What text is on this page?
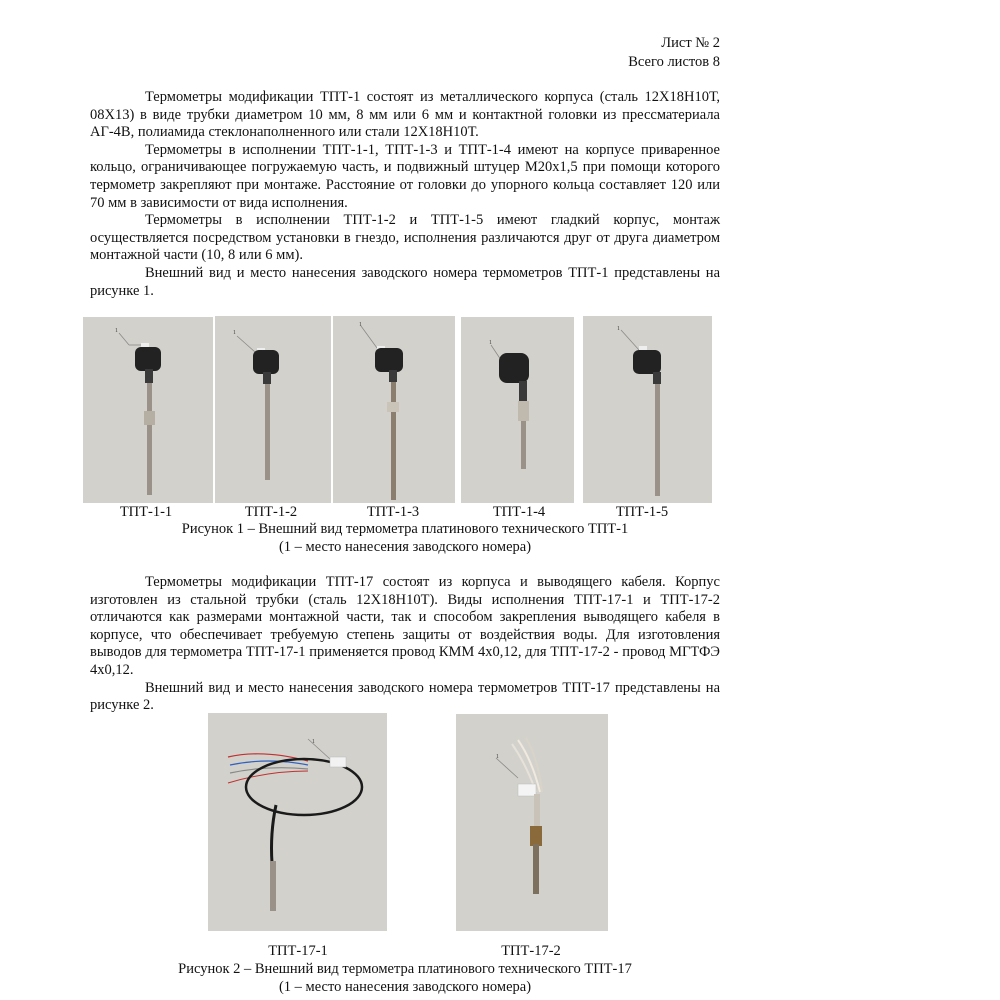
Лист № 2
Всего листов 8

Термометры модификации ТПТ-1 состоят из металлического корпуса (сталь 12Х18Н10Т, 08Х13) в виде трубки диаметром 10 мм, 8 мм или 6 мм и контактной головки из прессматериала АГ-4В, полиамида стеклонаполненного или стали 12Х18Н10Т.

Термометры в исполнении ТПТ-1-1, ТПТ-1-3 и ТПТ-1-4 имеют на корпусе приваренное кольцо, ограничивающее погружаемую часть, и подвижный штуцер М20х1,5 при помощи которого термометр закрепляют при монтаже. Расстояние от головки до упорного кольца составляет 120 или 70 мм в зависимости от вида исполнения.

Термометры в исполнении ТПТ-1-2 и ТПТ-1-5 имеют гладкий корпус, монтаж осуществляется посредством установки в гнездо, исполнения различаются друг от друга диаметром монтажной части (10, 8 или 6 мм).

Внешний вид и место нанесения заводского номера термометров ТПТ-1 представлены на рисунке 1.

1	1
1
1
1
ТПТ-1-1	ТПТ-1-2	ТПТ-1-3	ТПТ-1-4	ТПТ-1-5
Рисунок 1 – Внешний вид термометра платинового технического ТПТ-1
(1 – место нанесения заводского номера)

Термометры модификации ТПТ-17 состоят из корпуса и выводящего кабеля. Корпус изготовлен из стальной трубки (сталь 12Х18Н10Т). Виды исполнения ТПТ-17-1 и ТПТ-17-2 отличаются как размерами монтажной части, так и способом закрепления выводящего кабеля в корпусе, что обеспечивает требуемую степень защиты от воздействия воды. Для изготовления выводов для термометра ТПТ-17-1 применяется провод КММ 4х0,12, для ТПТ-17-2 - провод МГТФЭ 4х0,12.

Внешний вид и место нанесения заводского номера термометров ТПТ-17 представлены на рисунке 2.

1
1
ТПТ-17-1	ТПТ-17-2
Рисунок 2 – Внешний вид термометра платинового технического ТПТ-17
(1 – место нанесения заводского номера)
